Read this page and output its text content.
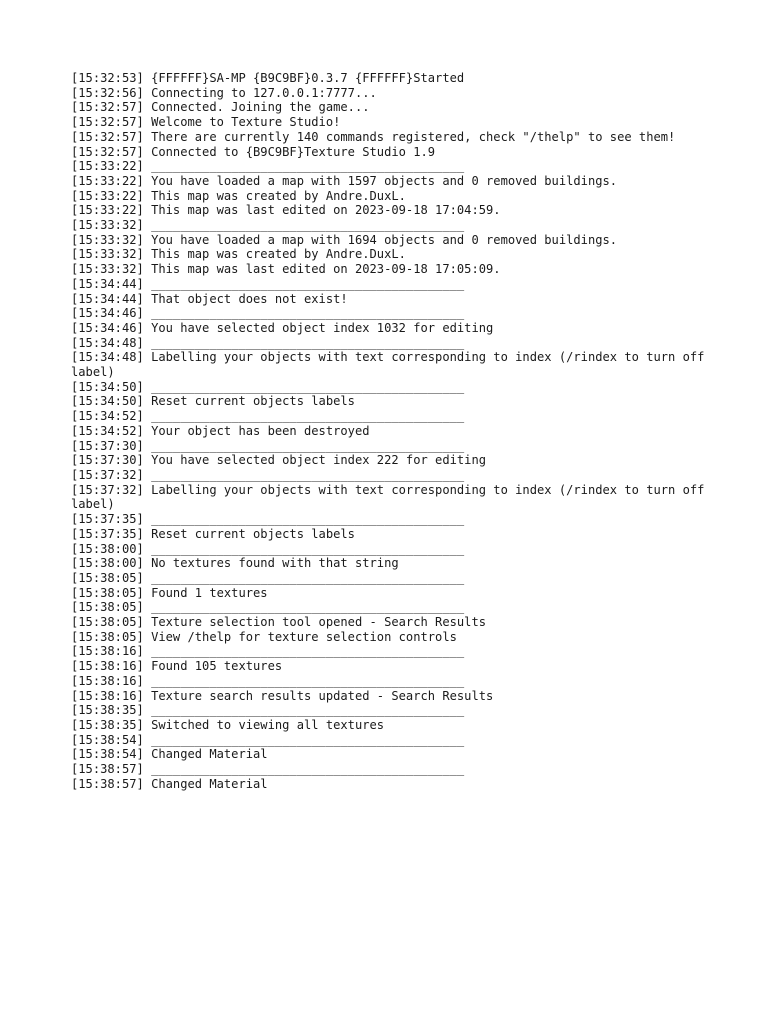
[15:32:53] {FFFFFF}SA-MP {B9C9BF}0.3.7 {FFFFFF}Started
[15:32:56] Connecting to 127.0.0.1:7777...
[15:32:57] Connected. Joining the game...
[15:32:57] Welcome to Texture Studio!
[15:32:57] There are currently 140 commands registered, check "/thelp" to see them!
[15:32:57] Connected to {B9C9BF}Texture Studio 1.9
[15:33:22] ___________________________________________
[15:33:22] You have loaded a map with 1597 objects and 0 removed buildings.
[15:33:22] This map was created by Andre.DuxL.
[15:33:22] This map was last edited on 2023-09-18 17:04:59.
[15:33:32] ___________________________________________
[15:33:32] You have loaded a map with 1694 objects and 0 removed buildings.
[15:33:32] This map was created by Andre.DuxL.
[15:33:32] This map was last edited on 2023-09-18 17:05:09.
[15:34:44] ___________________________________________
[15:34:44] That object does not exist!
[15:34:46] ___________________________________________
[15:34:46] You have selected object index 1032 for editing
[15:34:48] ___________________________________________
[15:34:48] Labelling your objects with text corresponding to index (/rindex to turn off label)
[15:34:50] ___________________________________________
[15:34:50] Reset current objects labels
[15:34:52] ___________________________________________
[15:34:52] Your object has been destroyed
[15:37:30] ___________________________________________
[15:37:30] You have selected object index 222 for editing
[15:37:32] ___________________________________________
[15:37:32] Labelling your objects with text corresponding to index (/rindex to turn off label)
[15:37:35] ___________________________________________
[15:37:35] Reset current objects labels
[15:38:00] ___________________________________________
[15:38:00] No textures found with that string
[15:38:05] ___________________________________________
[15:38:05] Found 1 textures
[15:38:05] ___________________________________________
[15:38:05] Texture selection tool opened - Search Results
[15:38:05] View /thelp for texture selection controls
[15:38:16] ___________________________________________
[15:38:16] Found 105 textures
[15:38:16] ___________________________________________
[15:38:16] Texture search results updated - Search Results
[15:38:35] ___________________________________________
[15:38:35] Switched to viewing all textures
[15:38:54] ___________________________________________
[15:38:54] Changed Material
[15:38:57] ___________________________________________
[15:38:57] Changed Material
